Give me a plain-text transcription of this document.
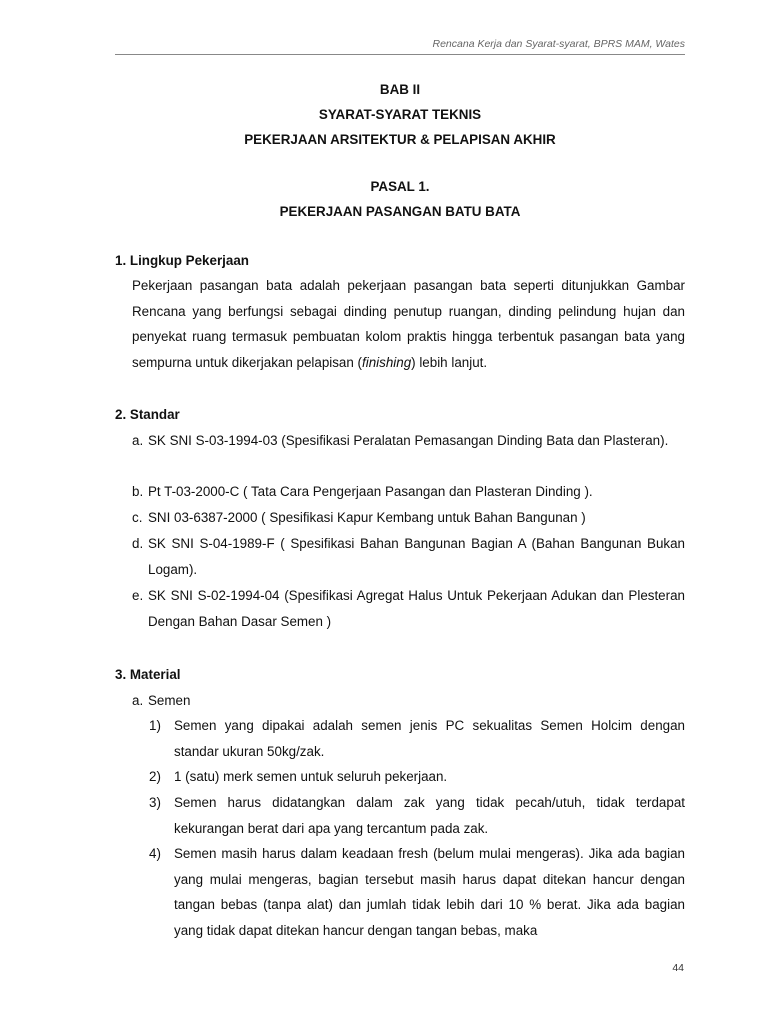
Rencana Kerja dan Syarat-syarat, BPRS MAM, Wates
BAB II
SYARAT-SYARAT TEKNIS
PEKERJAAN ARSITEKTUR & PELAPISAN AKHIR
PASAL 1.
PEKERJAAN PASANGAN BATU BATA
1. Lingkup Pekerjaan
Pekerjaan pasangan bata adalah pekerjaan pasangan bata seperti ditunjukkan Gambar Rencana yang berfungsi sebagai dinding penutup ruangan, dinding pelindung hujan dan penyekat ruang termasuk pembuatan kolom praktis hingga terbentuk pasangan bata yang sempurna untuk dikerjakan pelapisan (finishing) lebih lanjut.
2. Standar
a. SK SNI S-03-1994-03 (Spesifikasi Peralatan Pemasangan Dinding Bata dan Plasteran).
b. Pt T-03-2000-C ( Tata Cara Pengerjaan Pasangan dan Plasteran Dinding ).
c. SNI 03-6387-2000 ( Spesifikasi Kapur Kembang untuk Bahan Bangunan )
d. SK SNI S-04-1989-F ( Spesifikasi Bahan Bangunan Bagian A (Bahan Bangunan Bukan Logam).
e. SK SNI S-02-1994-04 (Spesifikasi Agregat Halus Untuk Pekerjaan Adukan dan Plesteran Dengan Bahan Dasar Semen )
3. Material
a. Semen
1) Semen yang dipakai adalah semen jenis PC sekualitas Semen Holcim dengan standar ukuran 50kg/zak.
2) 1 (satu) merk semen untuk seluruh pekerjaan.
3) Semen harus didatangkan dalam zak yang tidak pecah/utuh, tidak terdapat kekurangan berat dari apa yang tercantum pada zak.
4) Semen masih harus dalam keadaan fresh (belum mulai mengeras). Jika ada bagian yang mulai mengeras, bagian tersebut masih harus dapat ditekan hancur dengan tangan bebas (tanpa alat) dan jumlah tidak lebih dari 10 % berat. Jika ada bagian yang tidak dapat ditekan hancur dengan tangan bebas, maka
44
